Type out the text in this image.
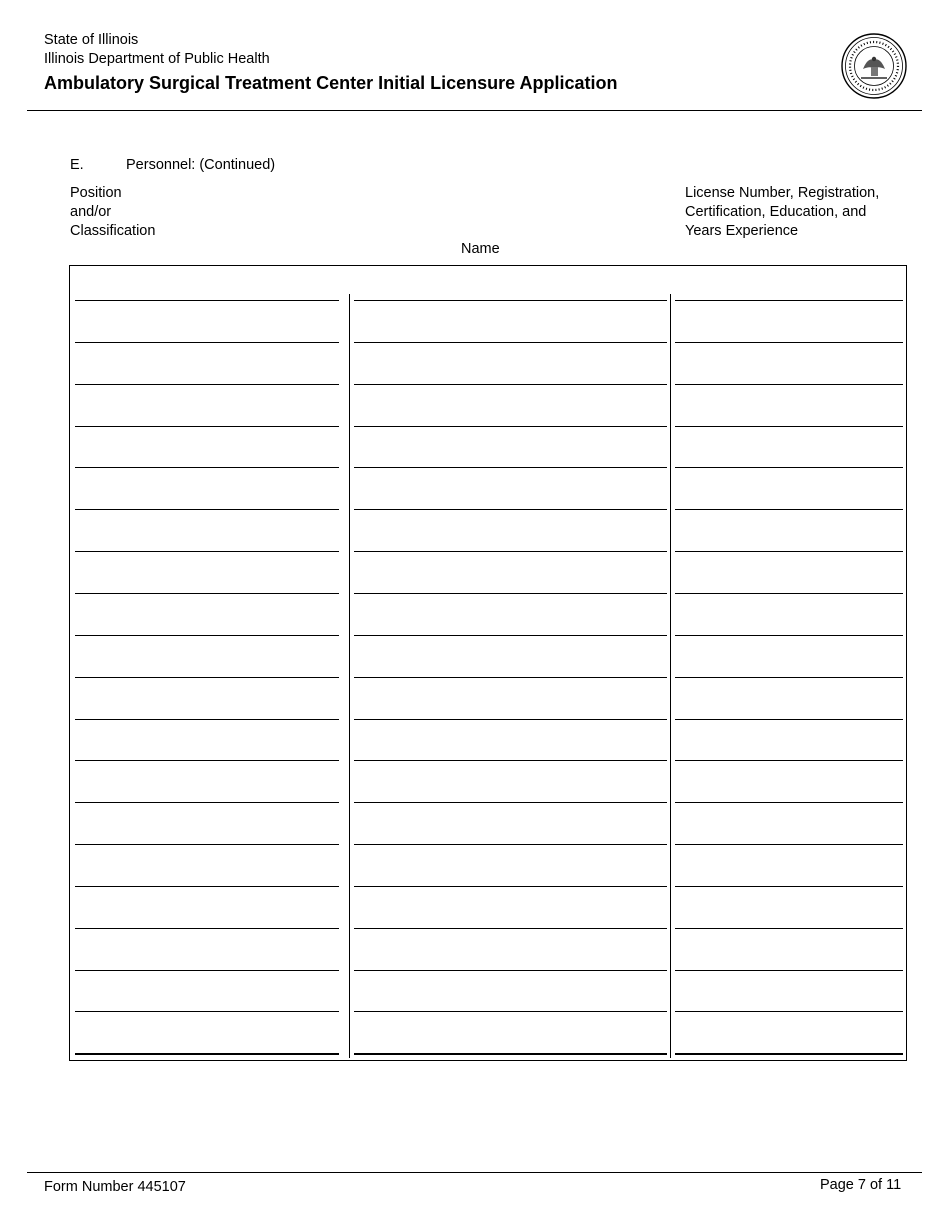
State of Illinois
Illinois Department of Public Health
Ambulatory Surgical Treatment Center Initial Licensure Application
E.	Personnel: (Continued)
Position
and/or
Classification
Name
License Number, Registration,
Certification, Education, and
Years Experience
Form Number 445107	Page 7 of 11
